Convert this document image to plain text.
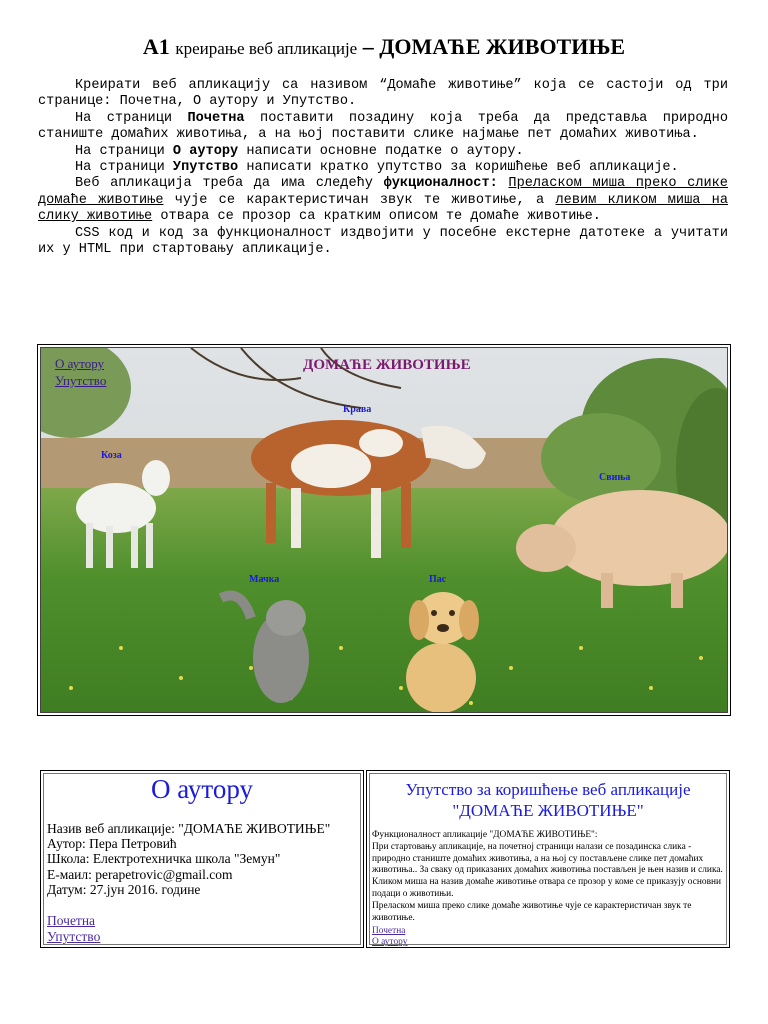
А1 креирање веб апликације – ДОМАЋЕ ЖИВОТИЊЕ

Креирати веб апликацију са називом “Домаће животиње” која се састоји од три странице: Почетна, О аутору и Упутство.

На страници Почетна поставити позадину која треба да представља природно станиште домаћих животиња, а на њој поставити слике најмање пет домаћих животиња.

На страници О аутору написати основне податке о аутору.

На страници Упутство написати кратко упутство за коришћење веб апликације.

Веб апликација треба да има следећу фукционалност: Преласком миша преко слике домаће животиње чује се карактеристичан звук те животиње, а левим кликом миша на слику животиње отвара се прозор са кратким описом те домаће животиње.

CSS код и код за функционалност издвојити у посебне екстерне датотеке а учитати их у HTML при стартовању апликације.

О аутору
Упутство
ДОМАЋЕ ЖИВОТИЊЕ
Крава
Коза
Свиња
Мачка	Пас
О аутору
Назив веб апликације: "ДОМАЋЕ ЖИВОТИЊЕ"
Аутор: Пера Петровић
Школа: Електротехничка школа "Земун"
Е-маил: perapetrovic@gmail.com
Датум: 27.јун 2016. године
Почетна
Упутство
Упутство за коришћење веб апликације
"ДОМАЋЕ ЖИВОТИЊЕ"
Функционалност апликације "ДОМАЋЕ ЖИВОТИЊЕ":
При стартовању апликације, на почетној страници налази се позадинска слика - природно станиште домаћих животиња, а на њој су постављене слике пет домаћих животиња.. За сваку од приказаних домаћих животиња постављен је њен назив и слика.
Кликом миша на назив домаће животиње отвара се прозор у коме се приказују основни подаци о животињи.
Преласком миша преко слике домаће животиње чује се карактеристичан звук те животиње.
Почетна
О аутору
